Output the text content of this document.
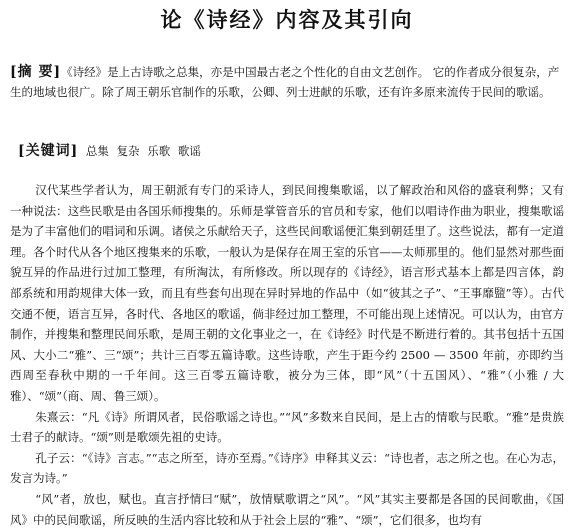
论《诗经》内容及其引向
[摘 要]《诗经》是上古诗歌之总集，亦是中国最古老之个性化的自由文艺创作。 它的作者成分很复杂，产生的地域也很广。除了周王朝乐官制作的乐歌，公卿、列士进献的乐歌，还有许多原来流传于民间的歌谣。
[关键词] 总集 复杂 乐歌 歌谣

汉代某些学者认为，周王朝派有专门的采诗人，到民间搜集歌谣，以了解政治和风俗的盛衰利弊；又有一种说法：这些民歌是由各国乐师搜集的。乐师是掌管音乐的官员和专家，他们以唱诗作曲为职业，搜集歌谣是为了丰富他们的唱词和乐调。诸侯之乐献给天子，这些民间歌谣便汇集到朝廷里了。这些说法，都有一定道理。各个时代从各个地区搜集来的乐歌，一般认为是保存在周王室的乐官——太师那里的。他们显然对那些面貌互异的作品进行过加工整理，有所淘汰，有所修改。所以现存的《诗经》，语言形式基本上都是四言体，韵部系统和用韵规律大体一致，而且有些套句出现在异时异地的作品中（如“彼其之子”、“王事靡盬”等）。古代交通不便，语言互异，各时代、各地区的歌谣，倘非经过加工整理，不可能出现上述情况。可以认为，由官方制作，并搜集和整理民间乐歌，是周王朝的文化事业之一，在《诗经》时代是不断进行着的。其书包括十五国风、大小二“雅”、三“颂”；共计三百零五篇诗歌。这些诗歌，产生于距今约 2500 — 3500 年前，亦即约当西周至春秋中期的一千年间。这三百零五篇诗歌，被分为三体，即“风”（十五国风）、“雅”（小雅 / 大雅）、“颂”（商、周、鲁三颂）。

朱熹云：“凡《诗》所谓风者，民俗歌谣之诗也。”“风”多数来自民间，是上古的情歌与民歌。“雅”是贵族士君子的献诗。“颂”则是歌颂先祖的史诗。

孔子云：“《诗》言志。”“志之所至，诗亦至焉。”《诗序》申释其义云：“诗也者，志之所之也。在心为志，发言为诗。”

“风”者，放也，赋也。直言抒情曰“赋”，放情赋歌谓之“风”。“风”其实主要都是各国的民间歌曲，《国风》中的民间歌谣，所反映的生活内容比较和从于社会上层的“雅”、“颂”，它们很多，也均有
